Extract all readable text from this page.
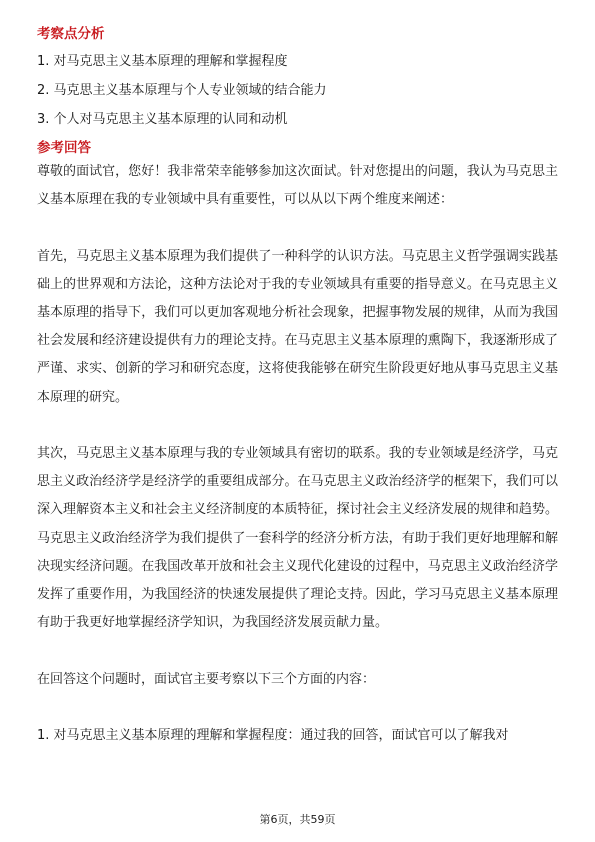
考察点分析

1. 对马克思主义基本原理的理解和掌握程度

2. 马克思主义基本原理与个人专业领域的结合能力

3. 个人对马克思主义基本原理的认同和动机

参考回答

尊敬的面试官，您好！我非常荣幸能够参加这次面试。针对您提出的问题，我认为马克思主义基本原理在我的专业领域中具有重要性，可以从以下两个维度来阐述：

首先，马克思主义基本原理为我们提供了一种科学的认识方法。马克思主义哲学强调实践基础上的世界观和方法论，这种方法论对于我的专业领域具有重要的指导意义。在马克思主义基本原理的指导下，我们可以更加客观地分析社会现象，把握事物发展的规律，从而为我国社会发展和经济建设提供有力的理论支持。在马克思主义基本原理的熏陶下，我逐渐形成了严谨、求实、创新的学习和研究态度，这将使我能够在研究生阶段更好地从事马克思主义基本原理的研究。

其次，马克思主义基本原理与我的专业领域具有密切的联系。我的专业领域是经济学，马克思主义政治经济学是经济学的重要组成部分。在马克思主义政治经济学的框架下，我们可以深入理解资本主义和社会主义经济制度的本质特征，探讨社会主义经济发展的规律和趋势。马克思主义政治经济学为我们提供了一套科学的经济分析方法，有助于我们更好地理解和解决现实经济问题。在我国改革开放和社会主义现代化建设的过程中，马克思主义政治经济学发挥了重要作用，为我国经济的快速发展提供了理论支持。因此，学习马克思主义基本原理有助于我更好地掌握经济学知识，为我国经济发展贡献力量。

在回答这个问题时，面试官主要考察以下三个方面的内容：

1. 对马克思主义基本原理的理解和掌握程度：通过我的回答，面试官可以了解我对

第6页，共59页
